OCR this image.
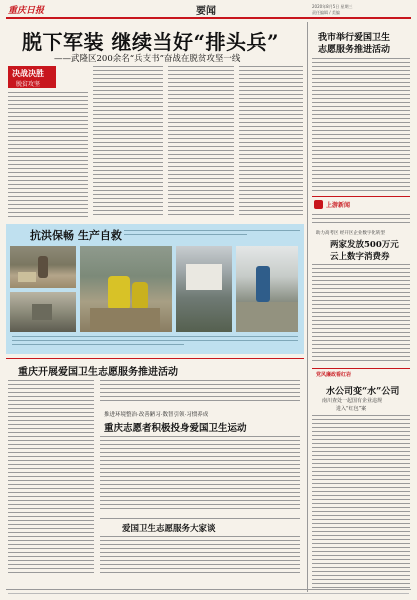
重庆日报	要闻	2020年8月5日 星期三
责任编辑 / 美编
脱下军装 继续当好“排头兵”
——武隆区200余名“兵支书”奋战在脱贫攻坚一线
我市举行爱国卫生
志愿服务推进活动
上游新闻
助力高考区 经开区企业数字化转型
两家发放500万元
云上数字消费券
党风廉政看红岩
水公司变“水”公司
南川查处一起国有企业违规
进入“红包”案
决战决胜
脱贫攻坚
抗洪保畅 生产自救
重庆开展爱国卫生志愿服务推进活动
推进环境整治·改善陋习·数智引领·习惯养成
重庆志愿者积极投身爱国卫生运动
爱国卫生志愿服务大家谈
